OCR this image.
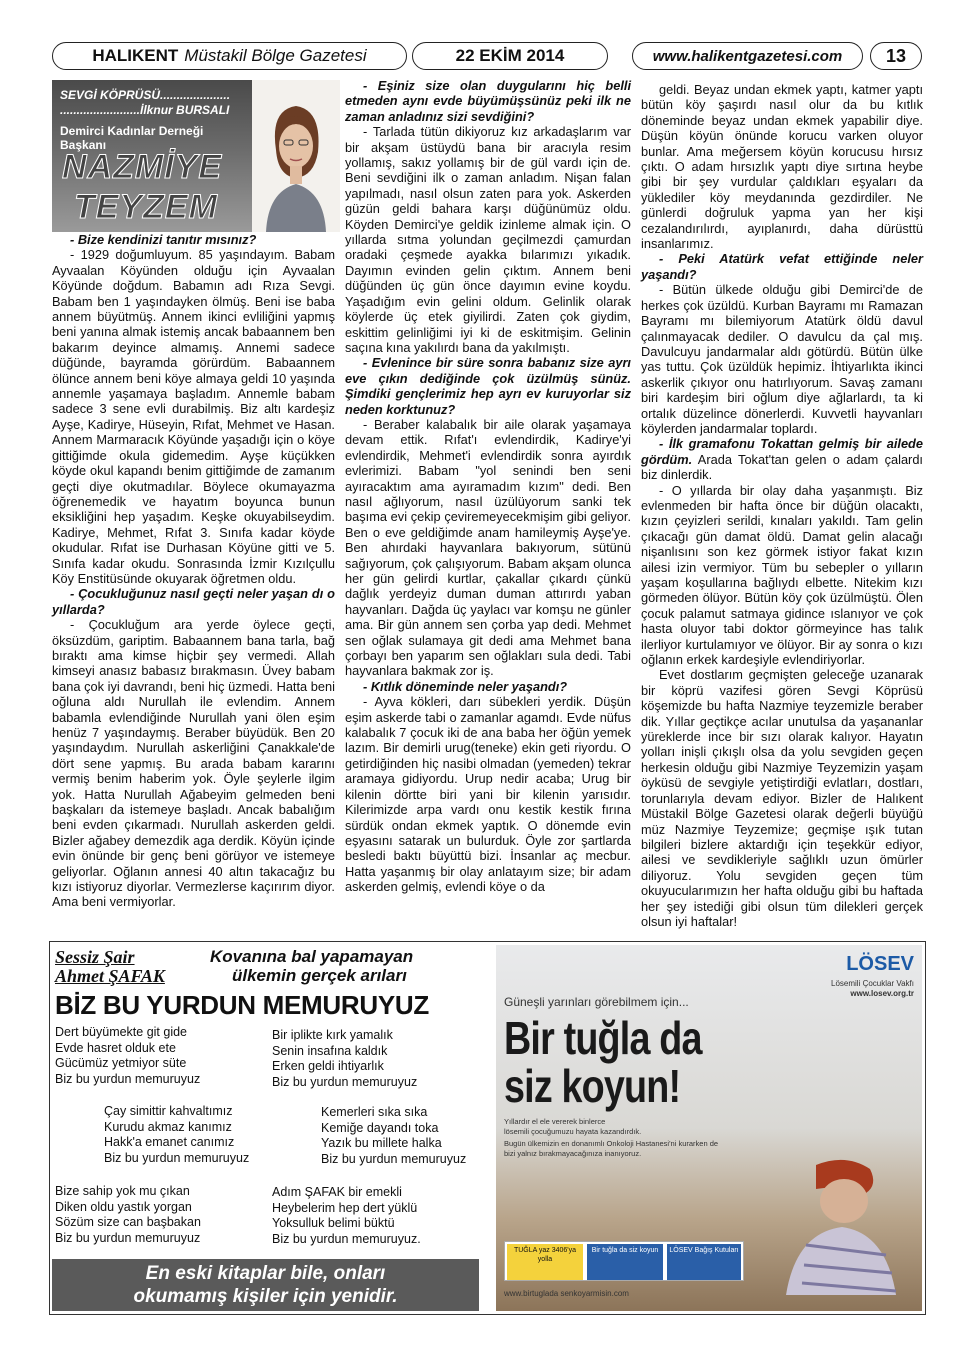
HALIKENT Müstakil Bölge Gazetesi	22 EKİM 2014	www.halikentgazetesi.com	13
SEVGİ KÖPRÜSÜ.....................
........................İlknur BURSALI
Demirci Kadınlar Derneği Başkanı
NAZMİYE
TEYZEM

- Bize kendinizi tanıtır mısınız?

- 1929 doğumluyum. 85 yaşındayım. Babam Ayvaalan Köyünden olduğu için Ayvaalan Köyünde doğdum. Babamın adı Rıza Sevgi. Babam ben 1 yaşındayken ölmüş. Beni ise baba annem büyütmüş. Annem ikinci evliliğini yapmış beni yanına almak istemiş ancak babaannem ben bakarım deyince almamış. Annemi sadece düğünde, bayramda görürdüm. Babaannem ölünce annem beni köye almaya geldi 10 yaşında annemle yaşamaya başladım. Annemle babam sadece 3 sene evli durabilmiş. Biz altı kardeşiz Ayşe, Kadirye, Hüseyin, Rıfat, Mehmet ve Hasan. Annem Marmaracık Köyünde yaşadığı için o köye gittiğimde okula gidemedim. Ayşe küçükken köyde okul kapandı benim gittiğimde de zamanım geçti diye okutmadılar. Böylece okumayazma öğrenemedik ve hayatım boyunca bunun eksikliğini hep yaşadım. Keşke okuyabilseydim. Kadirye, Mehmet, Rıfat 3. Sınıfa kadar köyde okudular. Rıfat ise Durhasan Köyüne gitti ve 5. Sınıfa kadar okudu. Sonrasında İzmir Kızılçullu Köy Enstitüsünde okuyarak öğretmen oldu.

- Çocukluğunuz nasıl geçti neler yaşan dı o yıllarda?

- Çocukluğum ara yerde öylece geçti, öksüzdüm, gariptim. Babaannem bana tarla, bağ bıraktı ama kimse hiçbir şey vermedi. Allah kimseyi anasız babasız bırakmasın. Üvey babam bana çok iyi davrandı, beni hiç üzmedi. Hatta beni oğluna aldı Nurullah ile evlendim. Annem babamla evlendiğinde Nurullah yani ölen eşim henüz 7 yaşındaymış. Beraber büyüdük. Ben 20 yaşındaydım. Nurullah askerliğini Çanakkale'de dört sene yapmış. Bu arada babam kararını vermiş benim haberim yok. Öyle şeylerle ilgim yok. Hatta Nurullah Ağabeyim gelmeden beni başkaları da istemeye başladı. Ancak babalığım beni evden çıkarmadı. Nurullah askerden geldi. Bizler ağabey demezdik aga derdik. Köyün içinde evin önünde bir genç beni görüyor ve istemeye geliyorlar. Oğlanın annesi 40 altın takacağız bu kızı istiyoruz diyorlar. Vermezlerse kaçırırım diyor. Ama beni vermiyorlar.

- Eşiniz size olan duygularını hiç belli etmeden aynı evde büyümüşsünüz peki ilk ne zaman anladınız sizi sevdiğini?

- Tarlada tütün dikiyoruz kız arkadaşlarım var bir akşam üstüydü bana bir aracıyla resim yollamış, sakız yollamış bir de gül vardı için de. Beni sevdiğini ilk o zaman anladım. Nişan falan yapılmadı, nasıl olsun zaten para yok. Askerden güzün geldi bahara karşı düğünümüz oldu. Köyden Demirci'ye geldik izinleme almak için. O yıllarda sıtma yolundan geçilmezdi çamurdan oradaki çeşmede ayakka bılarımızı yıkadık. Dayımın evinden gelin çıktım. Annem beni düğünden üç gün önce dayımın evine koydu. Yaşadığım evin gelini oldum. Gelinlik olarak köylerde üç etek giyilirdi. Zaten çok giydim, eskittim gelinliğimi iyi ki de eskitmişim. Gelinin saçına kına yakılırdı bana da yakılmıştı.

- Evlenince bir süre sonra babanız size ayrı eve çıkın dediğinde çok üzülmüş sünüz. Şimdiki gençlerimiz hep ayrı ev kuruyorlar siz neden korktunuz?

- Beraber kalabalık bir aile olarak yaşamaya devam ettik. Rıfat'ı evlendirdik, Kadirye'yi evlendirdik, Mehmet'i evlendirdik sonra ayırdık evlerimizi. Babam "yol senindi ben seni ayıracaktım ama ayıramadım kızım" dedi. Ben nasıl ağlıyorum, nasıl üzülüyorum sanki tek başıma evi çekip çeviremeyecekmişim gibi geliyor. Ben o eve geldiğimde anam hamileymiş Ayşe'ye. Ben ahırdaki hayvanlara bakıyorum, sütünü sağıyorum, çok çalışıyorum. Babam akşam olunca her gün gelirdi kurtlar, çakallar çıkardı çünkü dağlık yerdeyiz duman duman attırırdı yaban hayvanları. Dağda üç yaylacı var komşu ne günler ama. Bir gün annem sen çorba yap dedi. Mehmet sen oğlak sulamaya git dedi ama Mehmet bana çorbayı ben yaparım sen oğlakları sula dedi. Tabi hayvanlara bakmak zor iş.

- Kıtlık döneminde neler yaşandı?

- Ayva kökleri, darı sübekleri yerdik. Düşün eşim askerde tabi o zamanlar agamdı. Evde nüfus kalabalık 7 çocuk iki de ana baba her öğün yemek lazım. Bir demirli urug(teneke) ekin geti riyordu. O getirdiğinden hiç nasibi olmadan (yemeden) tekrar aramaya gidiyordu. Urup nedir acaba; Urug bir kilenin dörtte biri yani bir kilenin yarısıdır. Kilerimizde arpa vardı onu kestik kestik fırına sürdük ondan ekmek yaptık. O dönemde evin eşyasını satarak un bulurduk. Öyle zor şartlarda besledi baktı büyüttü bizi. İnsanlar aç mecbur. Hatta yaşanmış bir olay anlatayım size; bir adam askerden gelmiş, evlendi köye o da

geldi. Beyaz undan ekmek yaptı, katmer yaptı bütün köy şaşırdı nasıl olur da bu kıtlık döneminde beyaz undan ekmek yapabilir diye. Düşün köyün önünde korucu varken oluyor bunlar. Ama meğersem köyün korucusu hırsız çıktı. O adam hırsızlık yaptı diye sırtına heybe gibi bir şey vurdular çaldıkları eşyaları da yüklediler köy meydanında gezdirdiler. Ne günlerdi doğruluk yapma yan her kişi cezalandırılırdı, ayıplanırdı, daha dürüsttü insanlarımız.

- Peki Atatürk vefat ettiğinde neler yaşandı?

- Bütün ülkede olduğu gibi Demirci'de de herkes çok üzüldü. Kurban Bayramı mı Ramazan Bayramı mı bilemiyorum Atatürk öldü davul çalınmayacak dediler. O davulcu da çal mış. Davulcuyu jandarmalar aldı götürdü. Bütün ülke yas tuttu. Çok üzüldük hepimiz. İhtiyarlıkta ikinci askerlik çıkıyor onu hatırlıyorum. Savaş zamanı biri kardeşim biri oğlum diye ağlarlardı, ta ki ortalık düzelince dönerlerdi. Kuvvetli hayvanları köylerden jandarmalar toplardı.

- İlk gramafonu Tokattan gelmiş bir ailede gördüm. Arada Tokat'tan gelen o adam çalardı biz dinlerdik.

- O yıllarda bir olay daha yaşanmıştı. Biz evlenmeden bir hafta önce bir düğün olacaktı, kızın çeyizleri serildi, kınaları yakıldı. Tam gelin çıkacağı gün damat öldü. Damat gelin alacağı nişanlısını son kez görmek istiyor fakat kızın ailesi izin vermiyor. Tüm bu sebepler o yılların yaşam koşullarına bağlıydı elbette. Nitekim kızı görmeden ölüyor. Bütün köy çok üzülmüştü. Ölen çocuk palamut satmaya gidince ıslanıyor ve çok hasta oluyor tabi doktor görmeyince has talık ilerliyor kurtulamıyor ve ölüyor. Bir ay sonra o kızı oğlanın erkek kardeşiyle evlendiriyorlar.

Evet dostlarım geçmişten geleceğe uzanarak bir köprü vazifesi gören Sevgi Köprüsü köşemizde bu hafta Nazmiye teyzemizle beraber dik. Yıllar geçtikçe acılar unutulsa da yaşananlar yüreklerde ince bir sızı olarak kalıyor. Hayatın yolları inişli çıkışlı olsa da yolu sevgiden geçen herkesin olduğu gibi Nazmiye Teyzemizin yaşam öyküsü de sevgiyle yetiştirdiği evlatları, dostları, torunlarıyla devam ediyor. Bizler de Halıkent Müstakil Bölge Gazetesi olarak değerli büyüğü müz Nazmiye Teyzemize; geçmişe ışık tutan bilgileri bizlere aktardığı için teşekkür ediyor, ailesi ve sevdikleriyle sağlıklı uzun ömürler diliyoruz. Yolu sevgiden geçen tüm okuyucularımızın her hafta olduğu gibi bu haftada her şey istediği gibi olsun tüm dilekleri gerçek olsun iyi haftalar!

Sessiz Şair
Ahmet ŞAFAK
Kovanına bal yapamayan
ülkemin gerçek arıları
BİZ BU YURDUN MEMURUYUZ
Dert büyümekte git gide
Evde hasret olduk ete
Gücümüz yetmiyor süte
Biz bu yurdun memuruyuz
Bir iplikte kırk yamalık
Senin insafına kaldık
Erken geldi ihtiyarlık
Biz bu yurdun memuruyuz
Çay simittir kahvaltımız
Kurudu akmaz kanımız
Hakk'a emanet canımız
Biz bu yurdun memuruyuz
Kemerleri sıka sıka
Kemiğe dayandı toka
Yazık bu millete halka
Biz bu yurdun memuruyuz
Bize sahip yok mu çıkan
Diken oldu yastık yorgan
Sözüm size can başbakan
Biz bu yurdun memuruyuz
Adım ŞAFAK bir emekli
Heybelerim hep dert yüklü
Yoksulluk belimi büktü
Biz bu yurdun memuruyuz.
En eski kitaplar bile, onları
okumamış kişiler için yenidir.
LÖSEV
Lösemili Çocuklar Vakfı
www.losev.org.tr
Güneşli yarınları görebilmem için...
Bir tuğla da
siz koyun!
Yıllardır el ele vererek binlerce
lösemili çocuğumuzu hayata kazandırdık.
Bugün ülkemizin en donanımlı Onkoloji Hastanesi'ni kurarken de
bizi yalnız bırakmayacağınıza inanıyoruz.
TUĞLA yaz 3406'ya yolla
Bir tuğla da siz koyun	LÖSEV Bağış Kutuları
www.birtuglada senkoyarmisin.com
